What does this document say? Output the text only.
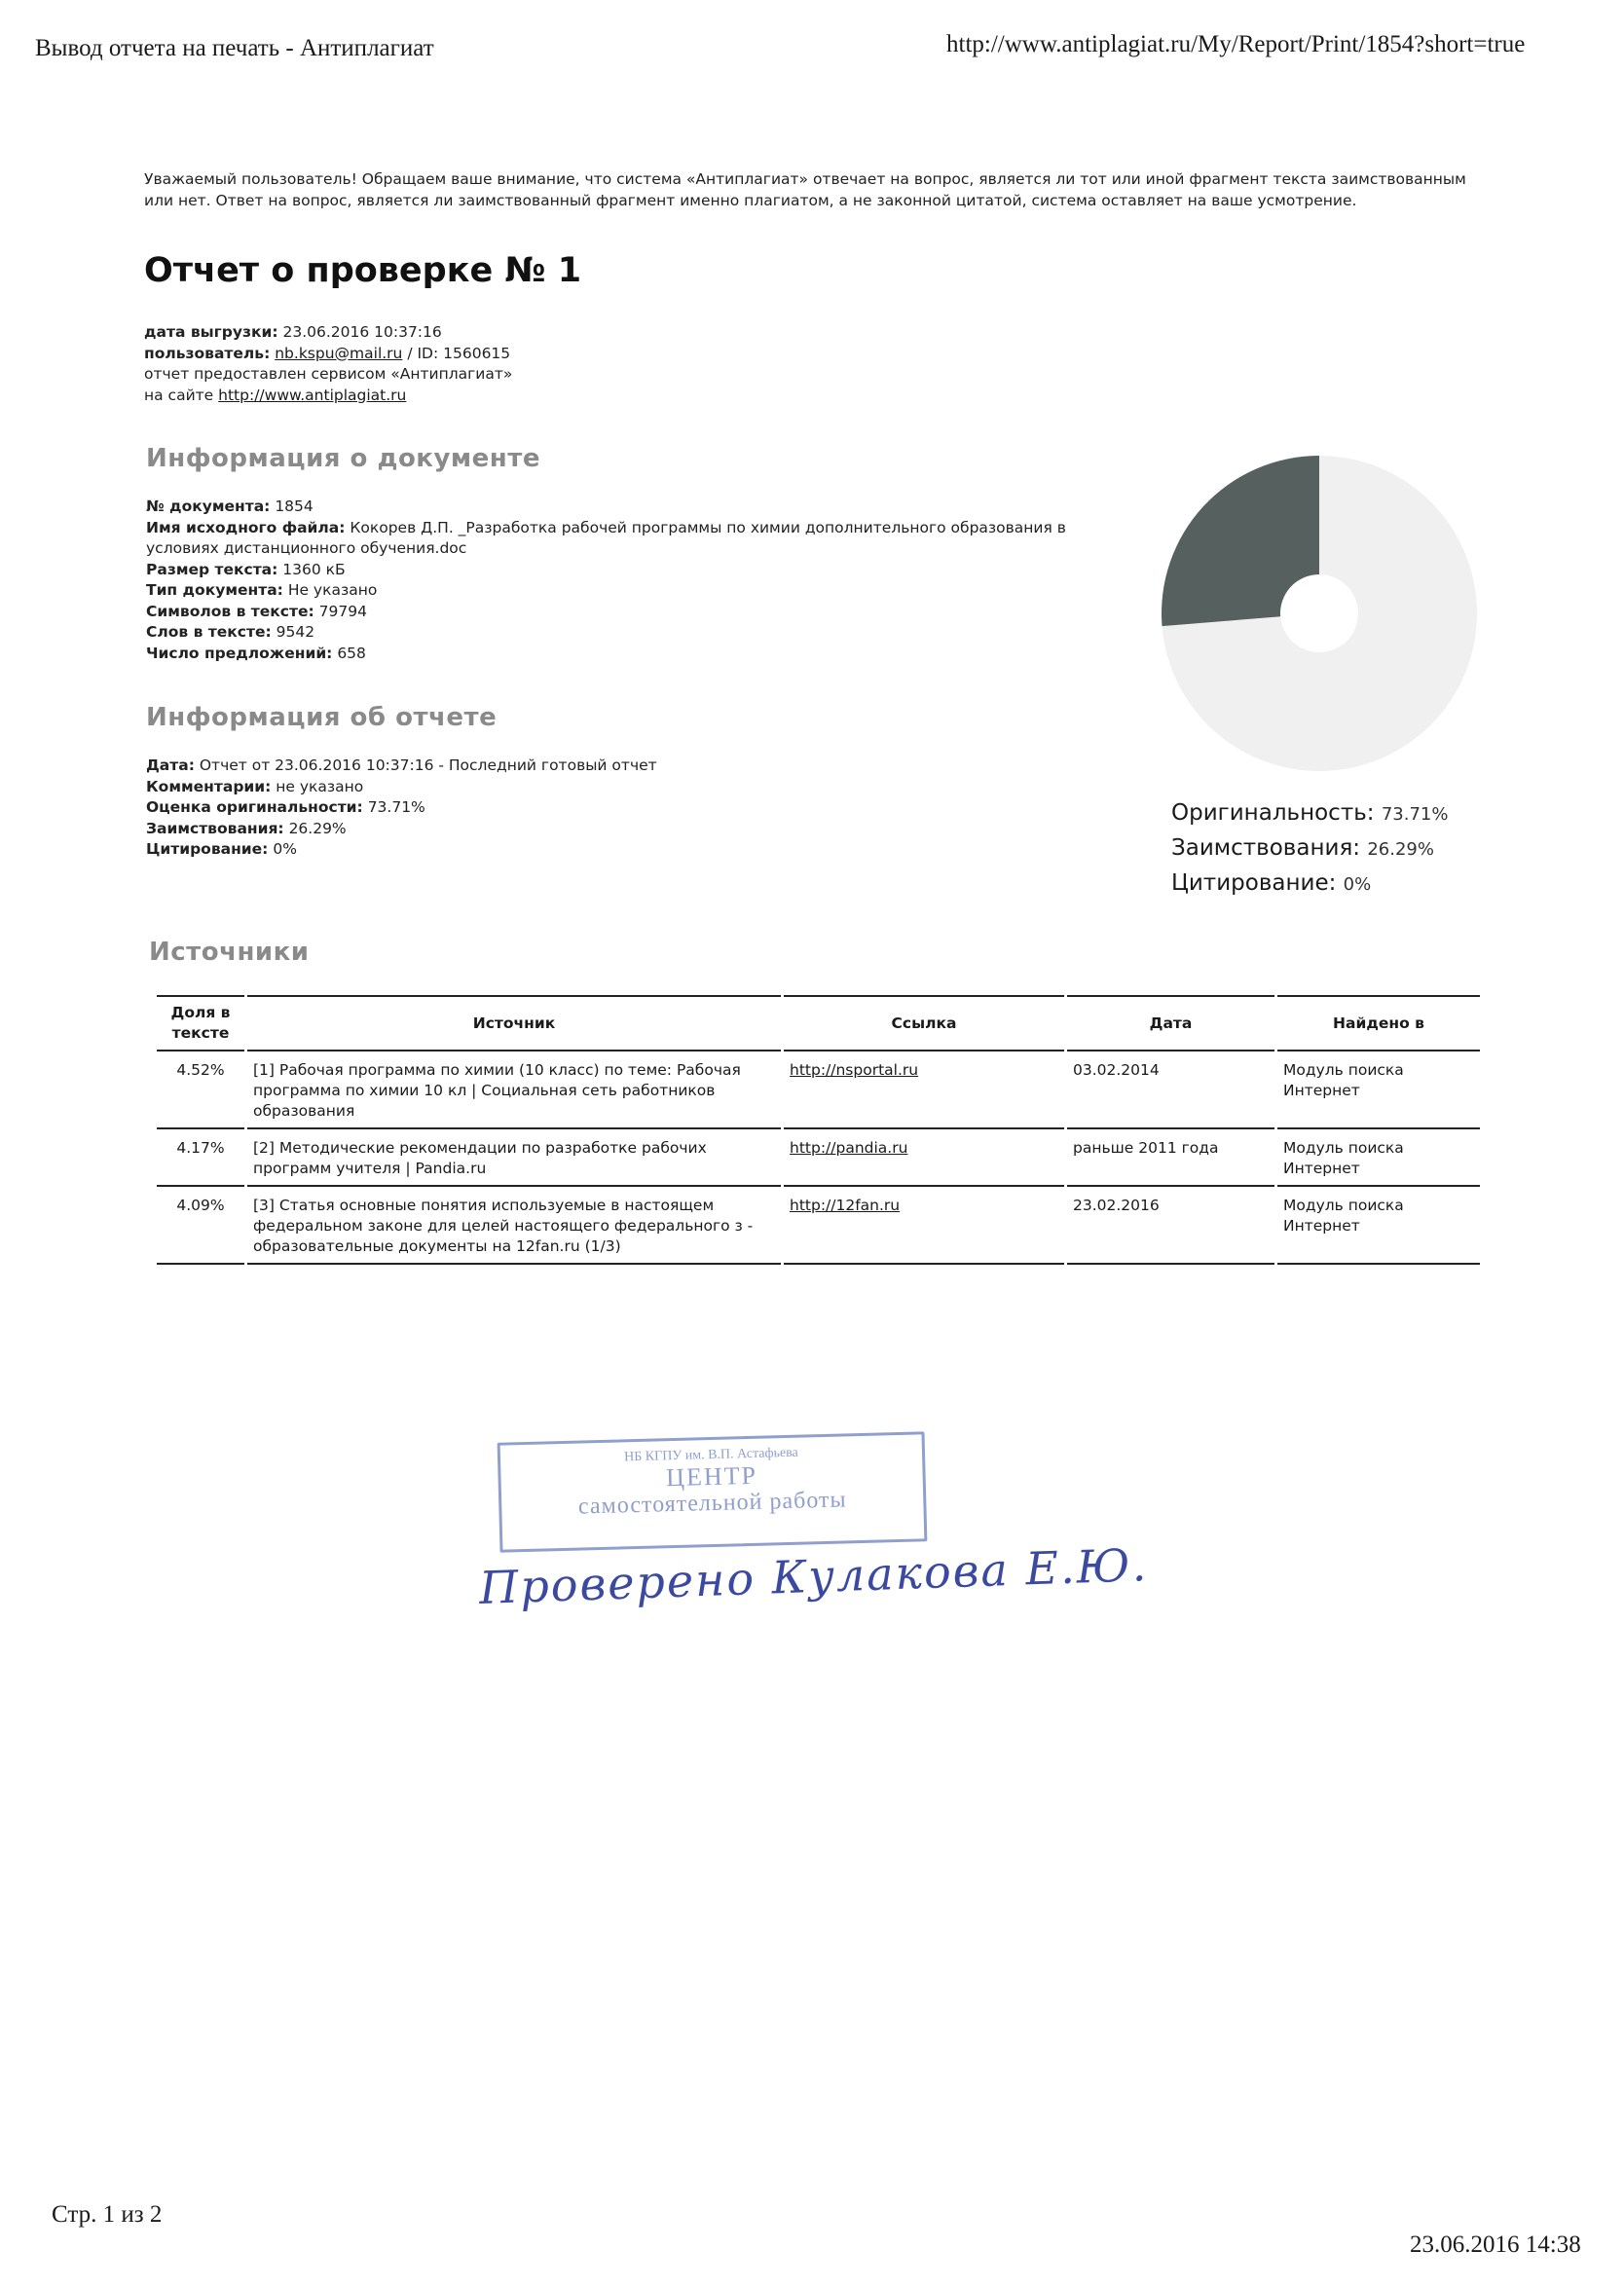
Вывод отчета на печать - Антиплагиат	http://www.antiplagiat.ru/My/Report/Print/1854?short=true
Уважаемый пользователь! Обращаем ваше внимание, что система «Антиплагиат» отвечает на вопрос, является ли тот или иной фрагмент текста заимствованным или нет. Ответ на вопрос, является ли заимствованный фрагмент именно плагиатом, а не законной цитатой, система оставляет на ваше усмотрение.
Отчет о проверке № 1
дата выгрузки: 23.06.2016 10:37:16
пользователь: nb.kspu@mail.ru / ID: 1560615
отчет предоставлен сервисом «Антиплагиат»
на сайте http://www.antiplagiat.ru
Информация о документе
№ документа: 1854
Имя исходного файла: Кокорев Д.П. _Разработка рабочей программы по химии дополнительного образования в условиях дистанционного обучения.doc
Размер текста: 1360 кБ
Тип документа: Не указано
Символов в тексте: 79794
Слов в тексте: 9542
Число предложений: 658
Информация об отчете
Дата: Отчет от 23.06.2016 10:37:16 - Последний готовый отчет
Комментарии: не указано
Оценка оригинальности: 73.71%
Заимствования: 26.29%
Цитирование: 0%
Оригинальность: 73.71%
Заимствования: 26.29%
Цитирование: 0%
Источники
Доля в тексте	Источник	Ссылка	Дата	Найдено в
4.52%	[1] Рабочая программа по химии (10 класс) по теме: Рабочая программа по химии 10 кл | Социальная сеть работников образования	http://nsportal.ru	03.02.2014	Модуль поиска Интернет
4.17%	[2] Методические рекомендации по разработке рабочих программ учителя | Pandia.ru	http://pandia.ru	раньше 2011 года	Модуль поиска Интернет
4.09%	[3] Статья основные понятия используемые в настоящем федеральном законе для целей настоящего федерального з - образовательные документы на 12fan.ru (1/3)	http://12fan.ru	23.02.2016	Модуль поиска Интернет
НБ КГПУ им. В.П. Астафьева
ЦЕНТР
самостоятельной работы
Проверено Кулакова Е.Ю.
Стр. 1 из 2
23.06.2016 14:38
